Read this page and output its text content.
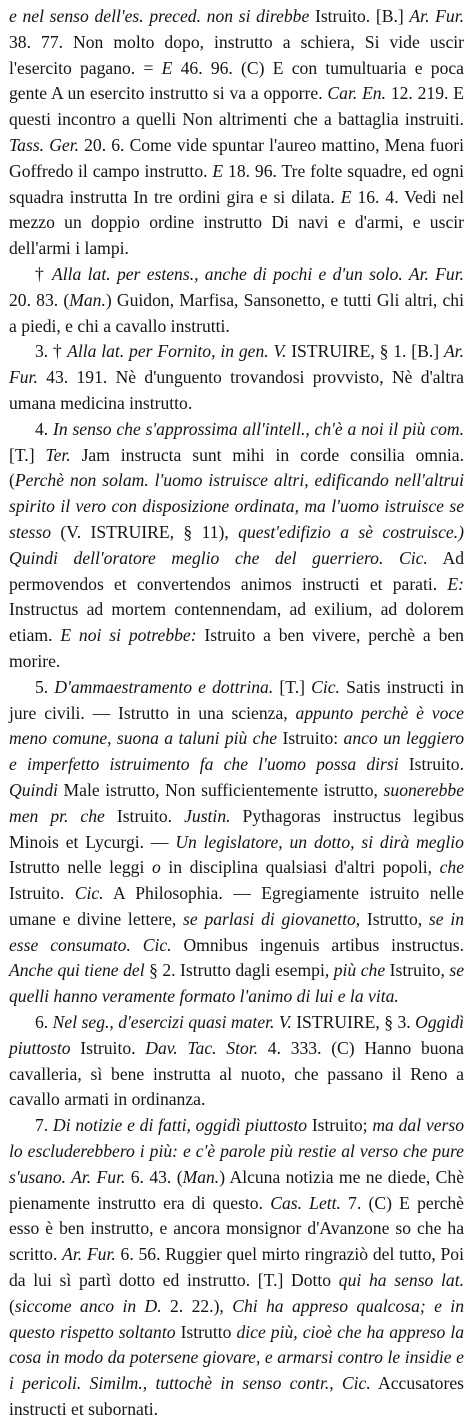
e nel senso dell'es. preced. non si direbbe Istruito. [B.] Ar. Fur. 38. 77. Non molto dopo, instrutto a schiera, Si vide uscir l'esercito pagano. = E 46. 96. (C) E con tumultuaria e poca gente A un esercito instrutto si va a opporre. Car. En. 12. 219. E questi incontro a quelli Non altrimenti che a battaglia instruiti. Tass. Ger. 20. 6. Come vide spuntar l'aureo mattino, Mena fuori Goffredo il campo instrutto. E 18. 96. Tre folte squadre, ed ogni squadra instrutta In tre ordini gira e si dilata. E 16. 4. Vedi nel mezzo un doppio ordine instrutto Di navi e d'armi, e uscir dell'armi i lampi.

† Alla lat. per estens., anche di pochi e d'un solo. Ar. Fur. 20. 83. (Man.) Guidon, Marfisa, Sansonetto, e tutti Gli altri, chi a piedi, e chi a cavallo instrutti.

3. † Alla lat. per Fornito, in gen. V. ISTRUIRE, § 1. [B.] Ar. Fur. 43. 191. Nè d'unguento trovandosi provvisto, Nè d'altra umana medicina instrutto.

4. In senso che s'approssima all'intell., ch'è a noi il più com. [T.] Ter. Jam instructa sunt mihi in corde consilia omnia. (Perchè non solam. l'uomo istruisce altri, edificando nell'altrui spirito il vero con disposizione ordinata, ma l'uomo istruisce se stesso (V. ISTRUIRE, § 11), quest'edifizio a sè costruisce.) Quindi dell'oratore meglio che del guerriero. Cic. Ad permovendos et convertendos animos instructi et parati. E: Instructus ad mortem contennendam, ad exilium, ad dolorem etiam. E noi si potrebbe: Istruito a ben vivere, perchè a ben morire.

5. D'ammaestramento e dottrina. [T.] Cic. Satis instructi in jure civili. — Istrutto in una scienza, appunto perchè è voce meno comune, suona a taluni più che Istruito: anco un leggiero e imperfetto istruimento fa che l'uomo possa dirsi Istruito. Quindi Male istrutto, Non sufficientemente istrutto, suonerebbe men pr. che Istruito. Justin. Pythagoras instructus legibus Minois et Lycurgi. — Un legislatore, un dotto, si dirà meglio Istrutto nelle leggi o in disciplina qualsiasi d'altri popoli, che Istruito. Cic. A Philosophia. — Egregiamente istruito nelle umane e divine lettere, se parlasi di giovanetto, Istrutto, se in esse consumato. Cic. Omnibus ingenuis artibus instructus. Anche qui tiene del § 2. Istrutto dagli esempi, più che Istruito, se quelli hanno veramente formato l'animo di lui e la vita.

6. Nel seg., d'esercizi quasi mater. V. ISTRUIRE, § 3. Oggidì piuttosto Istruito. Dav. Tac. Stor. 4. 333. (C) Hanno buona cavalleria, sì bene instrutta al nuoto, che passano il Reno a cavallo armati in ordinanza.

7. Di notizie e di fatti, oggidì piuttosto Istruito; ma dal verso lo escluderebbero i più: e c'è parole più restie al verso che pure s'usano. Ar. Fur. 6. 43. (Man.) Alcuna notizia me ne diede, Chè pienamente instrutto era di questo. Cas. Lett. 7. (C) E perchè esso è ben instrutto, e ancora monsignor d'Avanzone so che ha scritto. Ar. Fur. 6. 56. Ruggier quel mirto ringraziò del tutto, Poi da lui sì partì dotto ed instrutto. [T.] Dotto qui ha senso lat. (siccome anco in D. 2. 22.), Chi ha appreso qualcosa; e in questo rispetto soltanto Istrutto dice più, cioè che ha appreso la cosa in modo da potersene giovare, e armarsi contro le insidie e i pericoli. Similm., tuttochè in senso contr., Cic. Accusatores instructi et subornati.
